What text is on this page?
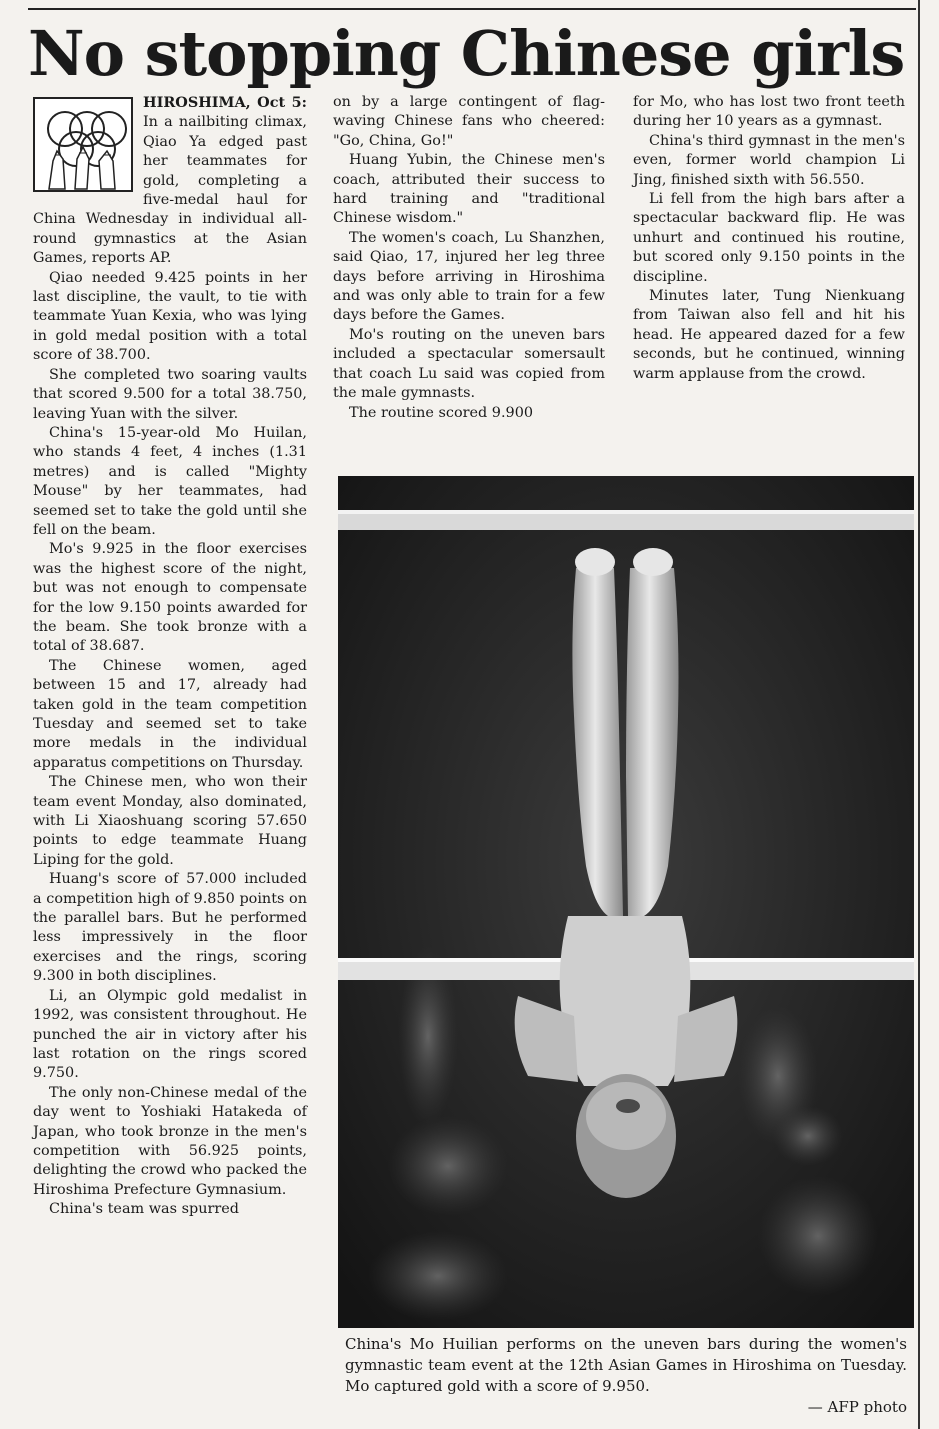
No stopping Chinese girls

HIROSHIMA, Oct 5: In a nailbiting climax, Qiao Ya edged past her teammates for gold, completing a five-medal haul for China Wednesday in individual all-round gymnastics at the Asian Games, reports AP.

Qiao needed 9.425 points in her last discipline, the vault, to tie with teammate Yuan Kexia, who was lying in gold medal position with a total score of 38.700.

She completed two soaring vaults that scored 9.500 for a total 38.750, leaving Yuan with the silver.

China's 15-year-old Mo Huilan, who stands 4 feet, 4 inches (1.31 metres) and is called "Mighty Mouse" by her teammates, had seemed set to take the gold until she fell on the beam.

Mo's 9.925 in the floor exercises was the highest score of the night, but was not enough to compensate for the low 9.150 points awarded for the beam. She took bronze with a total of 38.687.

The Chinese women, aged between 15 and 17, already had taken gold in the team competition Tuesday and seemed set to take more medals in the individual apparatus competitions on Thursday.

The Chinese men, who won their team event Monday, also dominated, with Li Xiaoshuang scoring 57.650 points to edge teammate Huang Liping for the gold.

Huang's score of 57.000 included a competition high of 9.850 points on the parallel bars. But he performed less impressively in the floor exercises and the rings, scoring 9.300 in both disciplines.

Li, an Olympic gold medalist in 1992, was consistent throughout. He punched the air in victory after his last rotation on the rings scored 9.750.

The only non-Chinese medal of the day went to Yoshiaki Hatakeda of Japan, who took bronze in the men's competition with 56.925 points, delighting the crowd who packed the Hiroshima Prefecture Gymnasium.

China's team was spurred

on by a large contingent of flag-waving Chinese fans who cheered: "Go, China, Go!"

Huang Yubin, the Chinese men's coach, attributed their success to hard training and "traditional Chinese wisdom."

The women's coach, Lu Shanzhen, said Qiao, 17, injured her leg three days before arriving in Hiroshima and was only able to train for a few days before the Games.

Mo's routing on the uneven bars included a spectacular somersault that coach Lu said was copied from the male gymnasts.

The routine scored 9.900

for Mo, who has lost two front teeth during her 10 years as a gymnast.

China's third gymnast in the men's even, former world champion Li Jing, finished sixth with 56.550.

Li fell from the high bars after a spectacular backward flip. He was unhurt and continued his routine, but scored only 9.150 points in the discipline.

Minutes later, Tung Nienkuang from Taiwan also fell and hit his head. He appeared dazed for a few seconds, but he continued, winning warm applause from the crowd.

China's Mo Huilian performs on the uneven bars during the women's gymnastic team event at the 12th Asian Games in Hiroshima on Tuesday. Mo captured gold with a score of 9.950.
— AFP photo
